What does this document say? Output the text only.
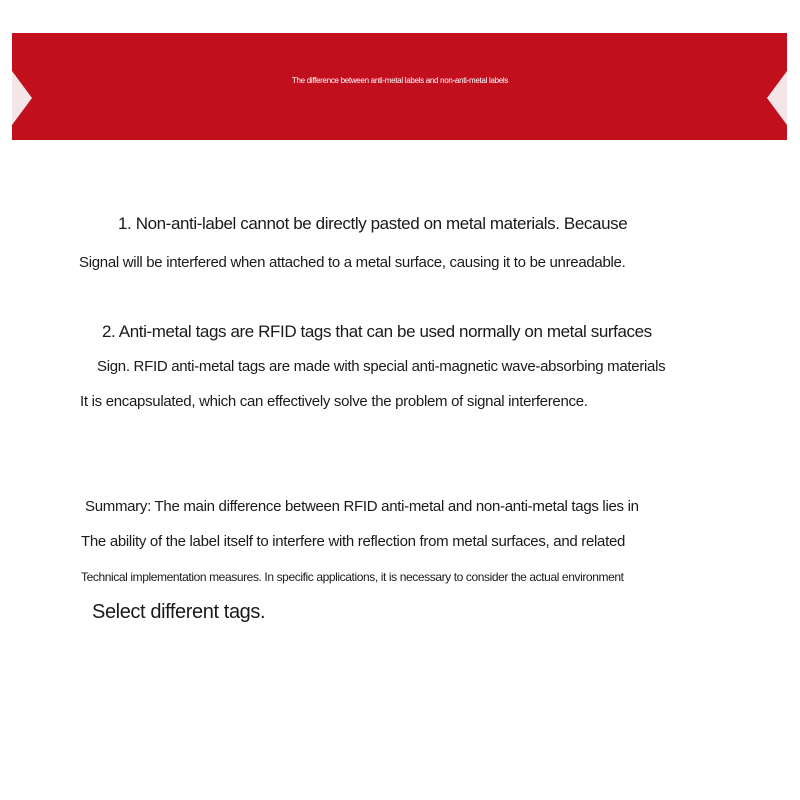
The difference between anti-metal labels and non-anti-metal labels

1. Non-anti-label cannot be directly pasted on metal materials. Because

Signal will be interfered when attached to a metal surface, causing it to be unreadable.

2. Anti-metal tags are RFID tags that can be used normally on metal surfaces

Sign. RFID anti-metal tags are made with special anti-magnetic wave-absorbing materials

It is encapsulated, which can effectively solve the problem of signal interference.

Summary: The main difference between RFID anti-metal and non-anti-metal tags lies in

The ability of the label itself to interfere with reflection from metal surfaces, and related

Technical implementation measures. In specific applications, it is necessary to consider the actual environment

Select different tags.
